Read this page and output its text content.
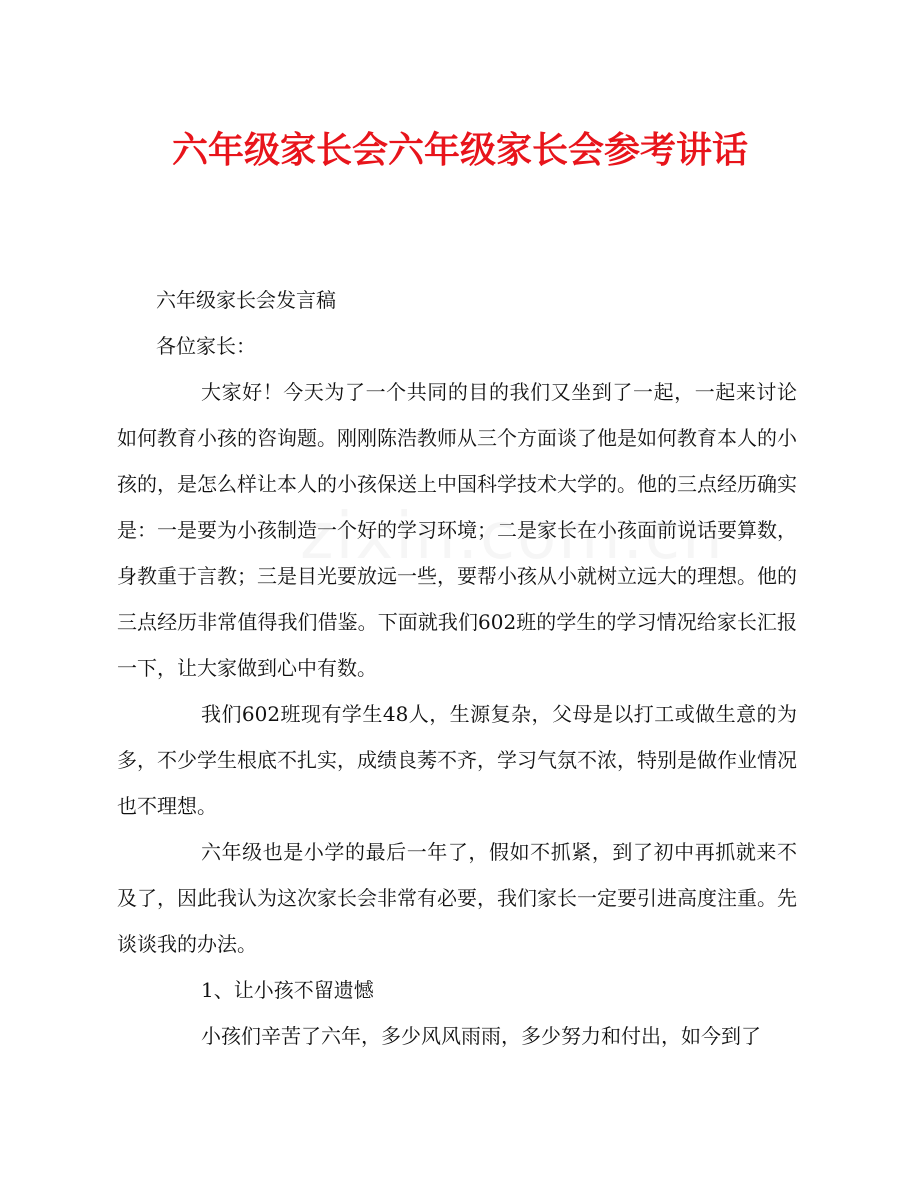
六年级家长会六年级家长会参考讲话

六年级家长会发言稿

各位家长：

大家好！今天为了一个共同的目的我们又坐到了一起，一起来讨论如何教育小孩的咨询题。刚刚陈浩教师从三个方面谈了他是如何教育本人的小孩的，是怎么样让本人的小孩保送上中国科学技术大学的。他的三点经历确实是：一是要为小孩制造一个好的学习环境；二是家长在小孩面前说话要算数，身教重于言教；三是目光要放远一些，要帮小孩从小就树立远大的理想。他的三点经历非常值得我们借鉴。下面就我们602班的学生的学习情况给家长汇报一下，让大家做到心中有数。

我们602班现有学生48人，生源复杂，父母是以打工或做生意的为多，不少学生根底不扎实，成绩良莠不齐，学习气氛不浓，特别是做作业情况也不理想。

六年级也是小学的最后一年了，假如不抓紧，到了初中再抓就来不及了，因此我认为这次家长会非常有必要，我们家长一定要引进高度注重。先谈谈我的办法。

1、让小孩不留遗憾

小孩们辛苦了六年，多少风风雨雨，多少努力和付出，如今到了
